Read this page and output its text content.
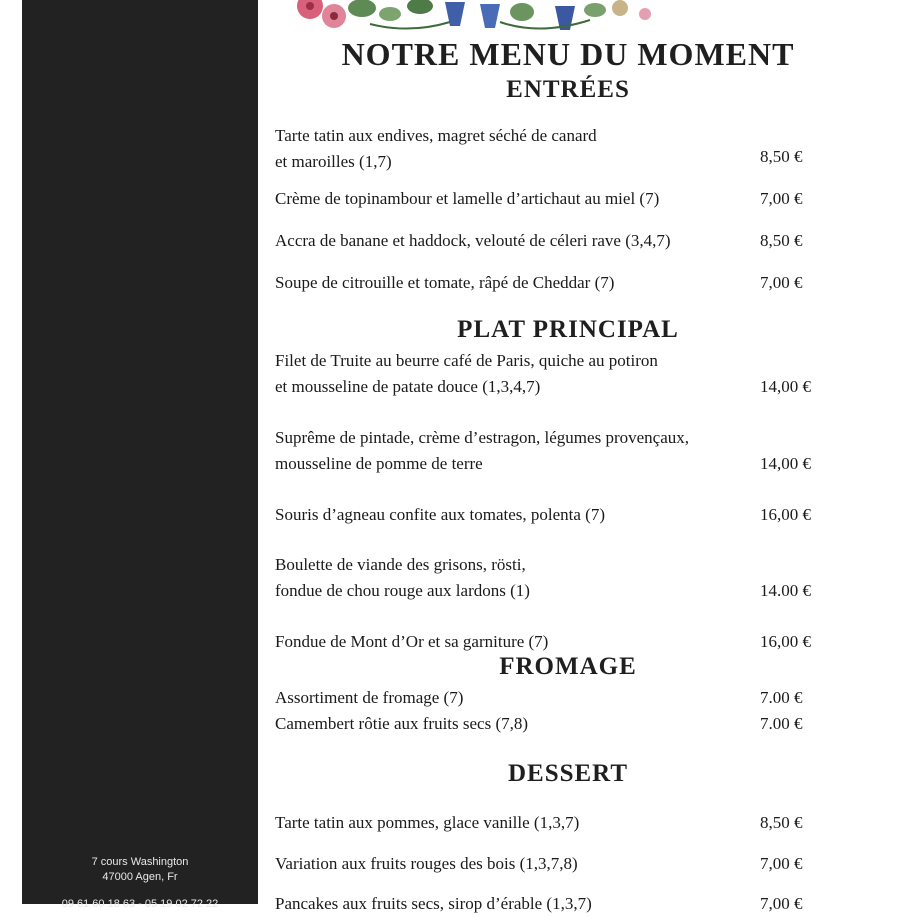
7 cours Washington
47000 Agen, Fr
09 61 60 18 63 - 05 19 02 72 22
NOTRE MENU DU MOMENT
ENTRÉES
Tarte tatin aux endives, magret séché de canard
et maroilles (1,7)	8,50 €
Crème de topinambour et lamelle d’artichaut au miel (7)	7,00 €
Accra de banane et haddock, velouté de céleri rave (3,4,7)	8,50 €
Soupe de citrouille et tomate, râpé de Cheddar (7)	7,00 €
PLAT PRINCIPAL
Filet de Truite au beurre café de Paris, quiche au potiron
et mousseline de patate douce (1,3,4,7)	14,00 €
Suprême de pintade, crème d’estragon, légumes provençaux,
mousseline de pomme de terre	14,00 €
Souris d’agneau confite aux tomates, polenta (7)	16,00 €
Boulette de viande des grisons, rösti,
fondue de chou rouge aux lardons (1)	14.00 €
Fondue de Mont d’Or et sa garniture (7)	16,00 €
FROMAGE
Assortiment de fromage (7)	7.00 €
Camembert rôtie aux fruits secs (7,8)	7.00 €
DESSERT
Tarte tatin aux pommes, glace vanille (1,3,7)	8,50 €
Variation aux fruits rouges des bois (1,3,7,8)	7,00 €
Pancakes aux fruits secs, sirop d’érable (1,3,7)	7,00 €
